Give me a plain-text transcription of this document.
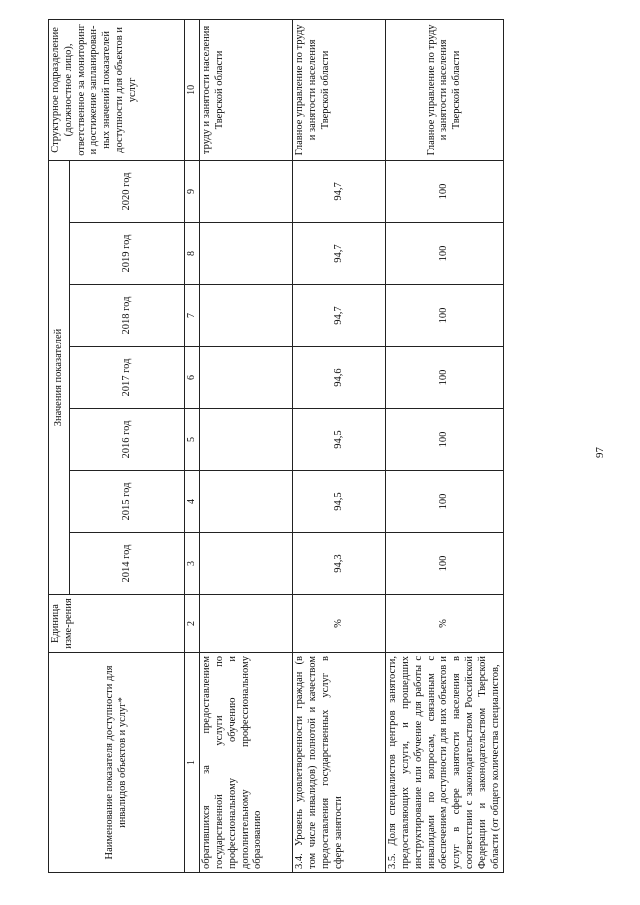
97
Наименование показателя доступности для инвалидов объектов и услуг*	Единица изме-рения	Значения показателей							Структурное подразделение (должностное лицо), ответственное за мониторинг и достижение запланирован-ных значений показателей доступности для объектов и услуг
		2014 год	2015 год	2016 год	2017 год	2018 год	2019 год	2020 год	
1	2	3	4	5	6	7	8	9	10
обратившихся за предоставлением государственной услуги по профессиональному обучению и дополнительному профессиональному образованию									труду и занятости населения Тверской области
3.4. Уровень удовлетворенности граждан (в том числе инвалидов) полнотой и качеством предоставления государственных услуг в сфере занятости	%	94,3	94,5	94,5	94,6	94,7	94,7	94,7	Главное управление по труду и занятости населения Тверской области
3.5. Доля специалистов центров занятости, предоставляющих услуги, и прошедших инструктирование или обучение для работы с инвалидами по вопросам, связанным с обеспечением доступности для них объектов и услуг в сфере занятости населения в соответствии с законодательством Российской Федерации и законодательством Тверской области (от общего количества специалистов,	%	100	100	100	100	100	100	100	Главное управление по труду и занятости населения Тверской области
